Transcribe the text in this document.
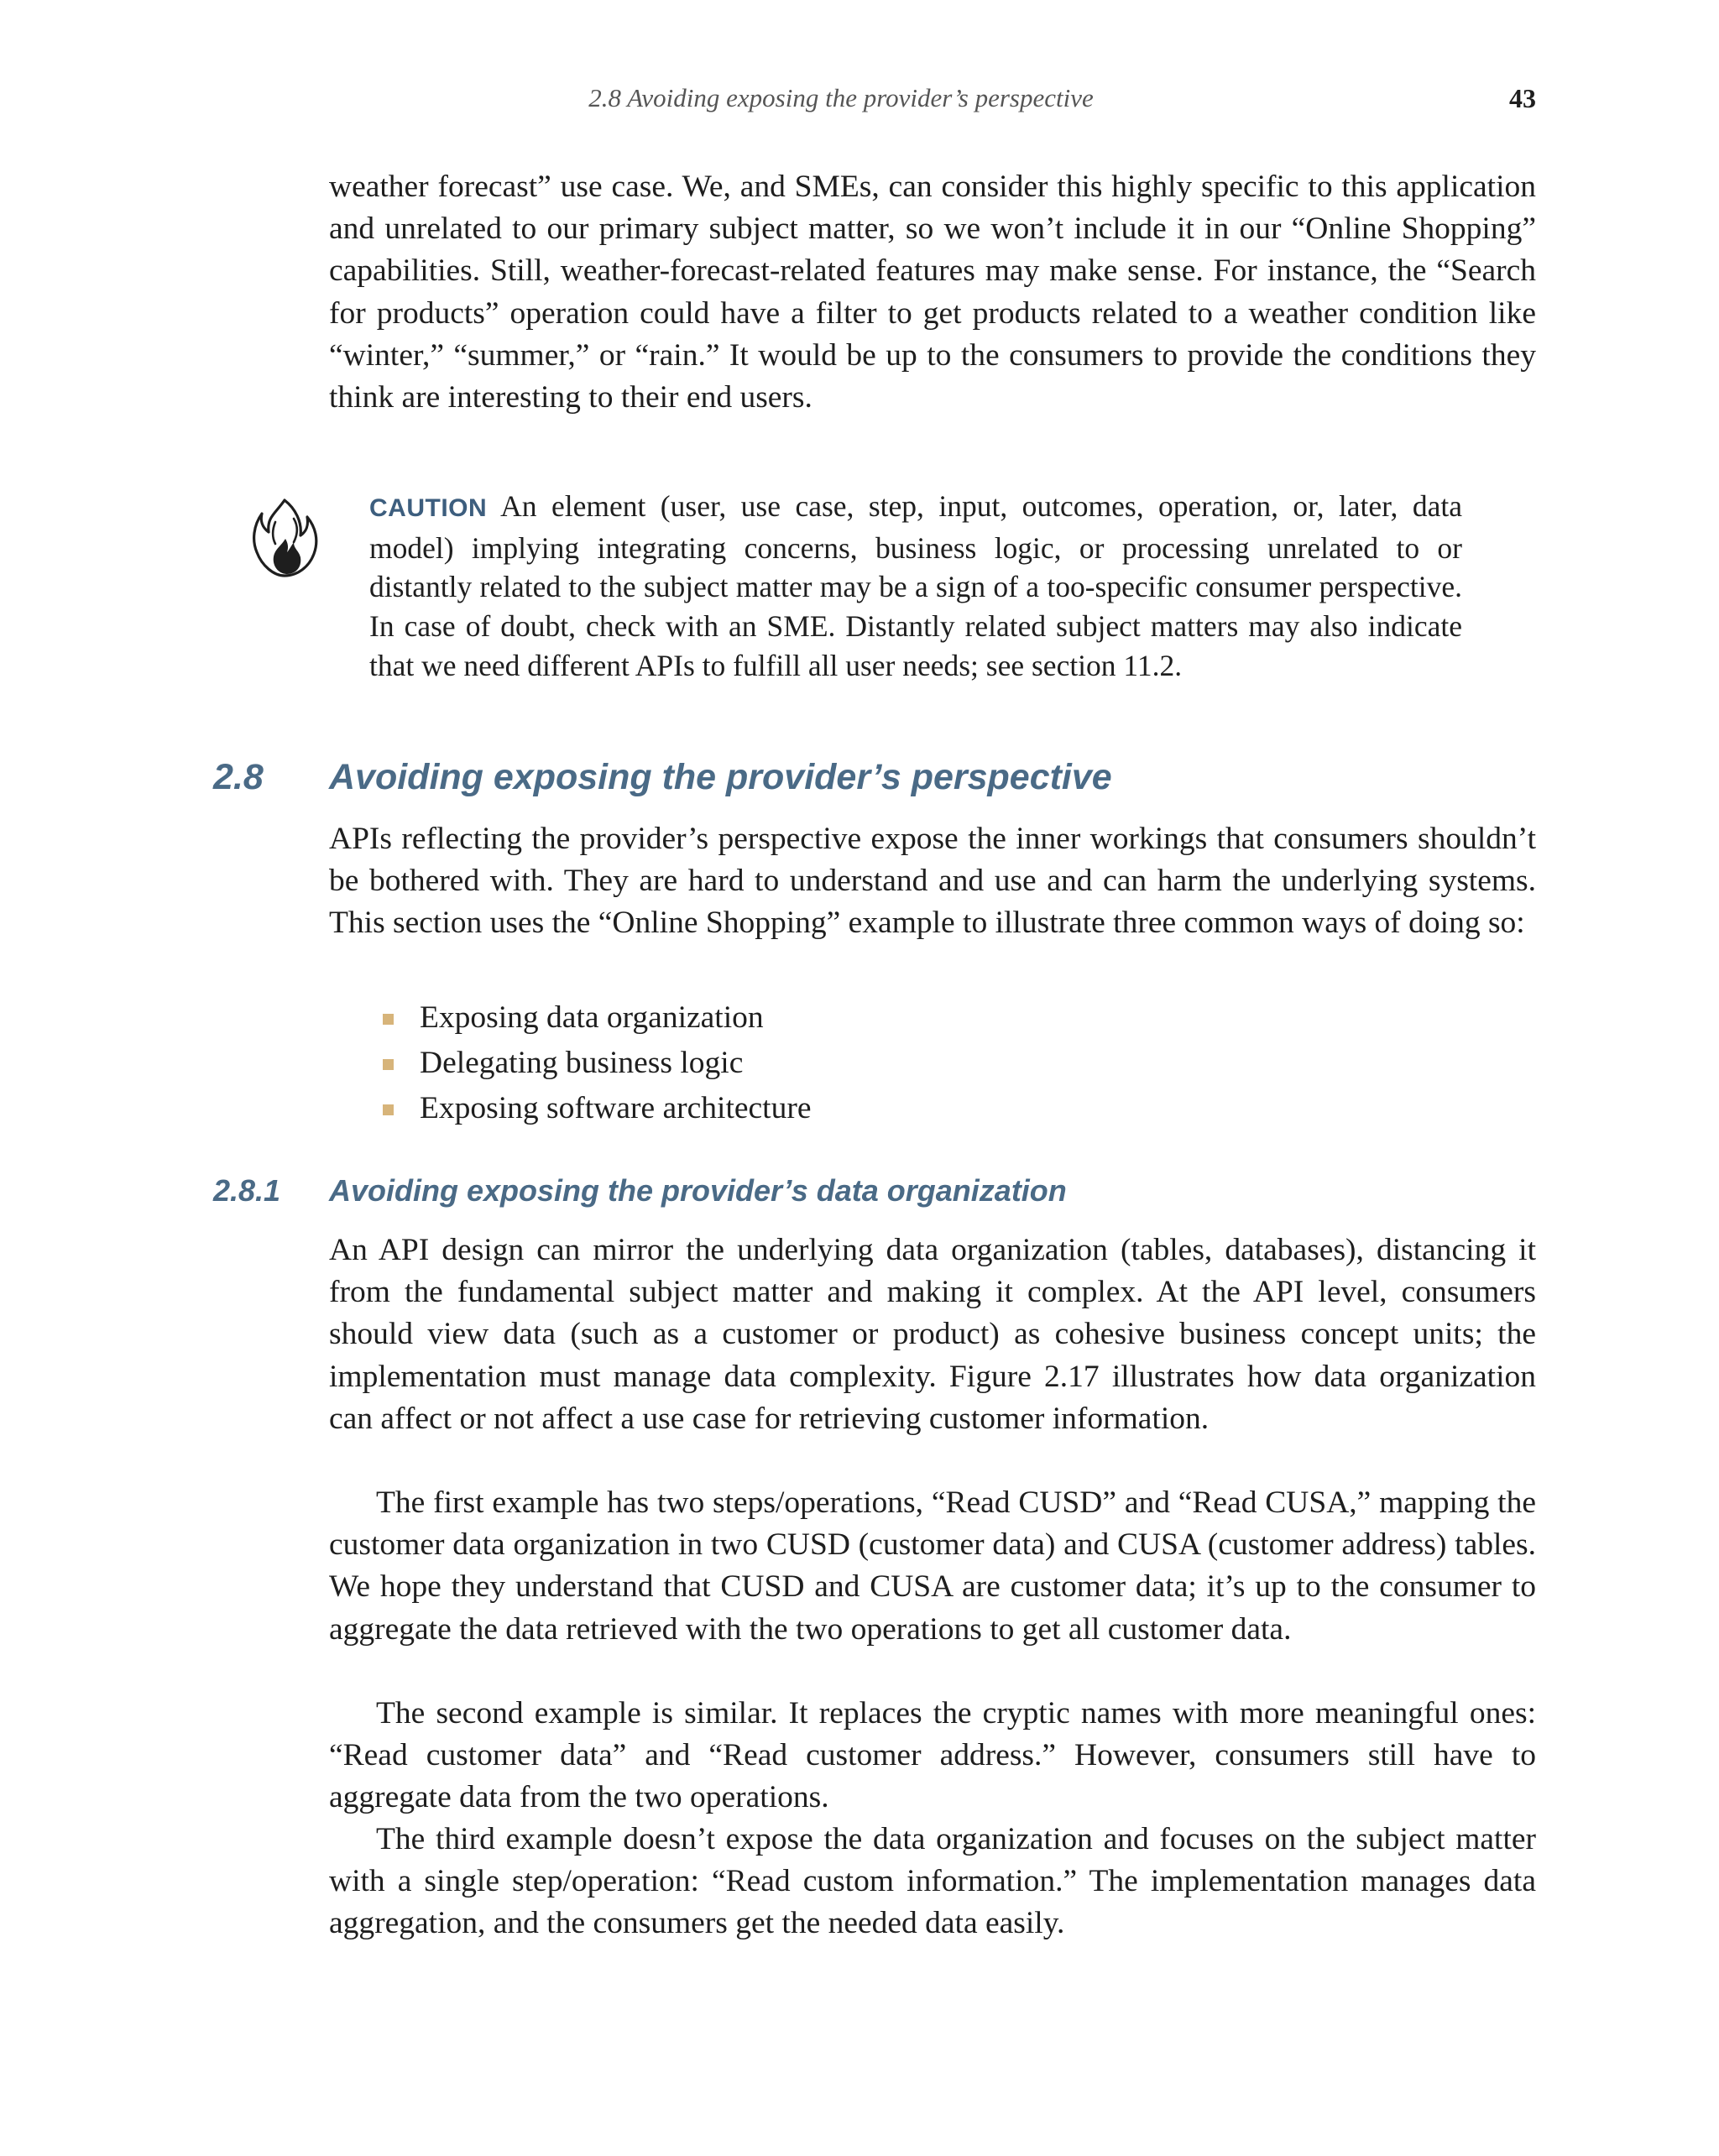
2.8 Avoiding exposing the provider’s perspective	43

weather forecast” use case. We, and SMEs, can consider this highly specific to this application and unrelated to our primary subject matter, so we won’t include it in our “Online Shopping” capabilities. Still, weather-forecast-related features may make sense. For instance, the “Search for products” operation could have a filter to get products related to a weather condition like “winter,” “summer,” or “rain.” It would be up to the consumers to provide the conditions they think are interesting to their end users.

CAUTION An element (user, use case, step, input, outcomes, operation, or, later, data model) implying integrating concerns, business logic, or processing unrelated to or distantly related to the subject matter may be a sign of a too-specific consumer perspective. In case of doubt, check with an SME. Distantly related subject matters may also indicate that we need different APIs to fulfill all user needs; see section 11.2.

2.8 Avoiding exposing the provider’s perspective

APIs reflecting the provider’s perspective expose the inner workings that consumers shouldn’t be bothered with. They are hard to understand and use and can harm the underlying systems. This section uses the “Online Shopping” example to illustrate three common ways of doing so:

Exposing data organization
Delegating business logic
Exposing software architecture
2.8.1 Avoiding exposing the provider’s data organization

An API design can mirror the underlying data organization (tables, databases), distancing it from the fundamental subject matter and making it complex. At the API level, consumers should view data (such as a customer or product) as cohesive business concept units; the implementation must manage data complexity. Figure 2.17 illustrates how data organization can affect or not affect a use case for retrieving customer information.

The first example has two steps/operations, “Read CUSD” and “Read CUSA,” mapping the customer data organization in two CUSD (customer data) and CUSA (customer address) tables. We hope they understand that CUSD and CUSA are customer data; it’s up to the consumer to aggregate the data retrieved with the two operations to get all customer data.

The second example is similar. It replaces the cryptic names with more meaningful ones: “Read customer data” and “Read customer address.” However, consumers still have to aggregate data from the two operations.

The third example doesn’t expose the data organization and focuses on the subject matter with a single step/operation: “Read custom information.” The implementation manages data aggregation, and the consumers get the needed data easily.
